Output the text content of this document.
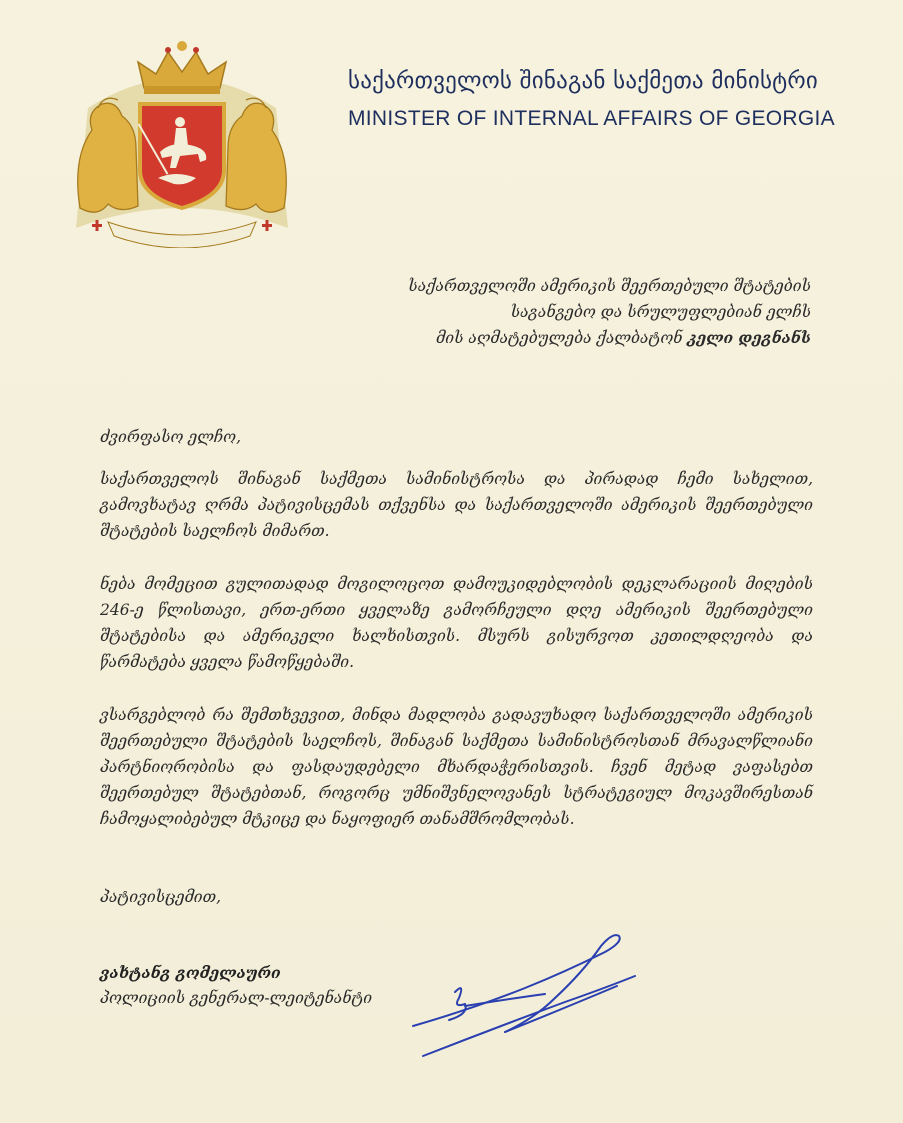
საქართველოს შინაგან საქმეთა მინისტრი
MINISTER OF INTERNAL AFFAIRS OF GEORGIA
საქართველოში ამერიკის შეერთებული შტატების
საგანგებო და სრულუფლებიან ელჩს
მის აღმატებულება ქალბატონ კელი დეგნანს
ძვირფასო ელჩო,
საქართველოს შინაგან საქმეთა სამინისტროსა და პირადად ჩემი სახელით, გამოვხატავ ღრმა პატივისცემას თქვენსა და საქართველოში ამერიკის შეერთებული შტატების საელჩოს მიმართ.
ნება მომეცით გულითადად მოგილოცოთ დამოუკიდებლობის დეკლარაციის მიღების 246-ე წლისთავი, ერთ-ერთი ყველაზე გამორჩეული დღე ამერიკის შეერთებული შტატებისა და ამერიკელი ხალხისთვის. მსურს გისურვოთ კეთილდღეობა და წარმატება ყველა წამოწყებაში.
ვსარგებლობ რა შემთხვევით, მინდა მადლობა გადავუხადო საქართველოში ამერიკის შეერთებული შტატების საელჩოს, შინაგან საქმეთა სამინისტროსთან მრავალწლიანი პარტნიორობისა და ფასდაუდებელი მხარდაჭერისთვის. ჩვენ მეტად ვაფასებთ შეერთებულ შტატებთან, როგორც უმნიშვნელოვანეს სტრატეგიულ მოკავშირესთან ჩამოყალიბებულ მტკიცე და ნაყოფიერ თანამშრომლობას.
პატივისცემით,
ვახტანგ გომელაური
პოლიციის გენერალ-ლეიტენანტი
